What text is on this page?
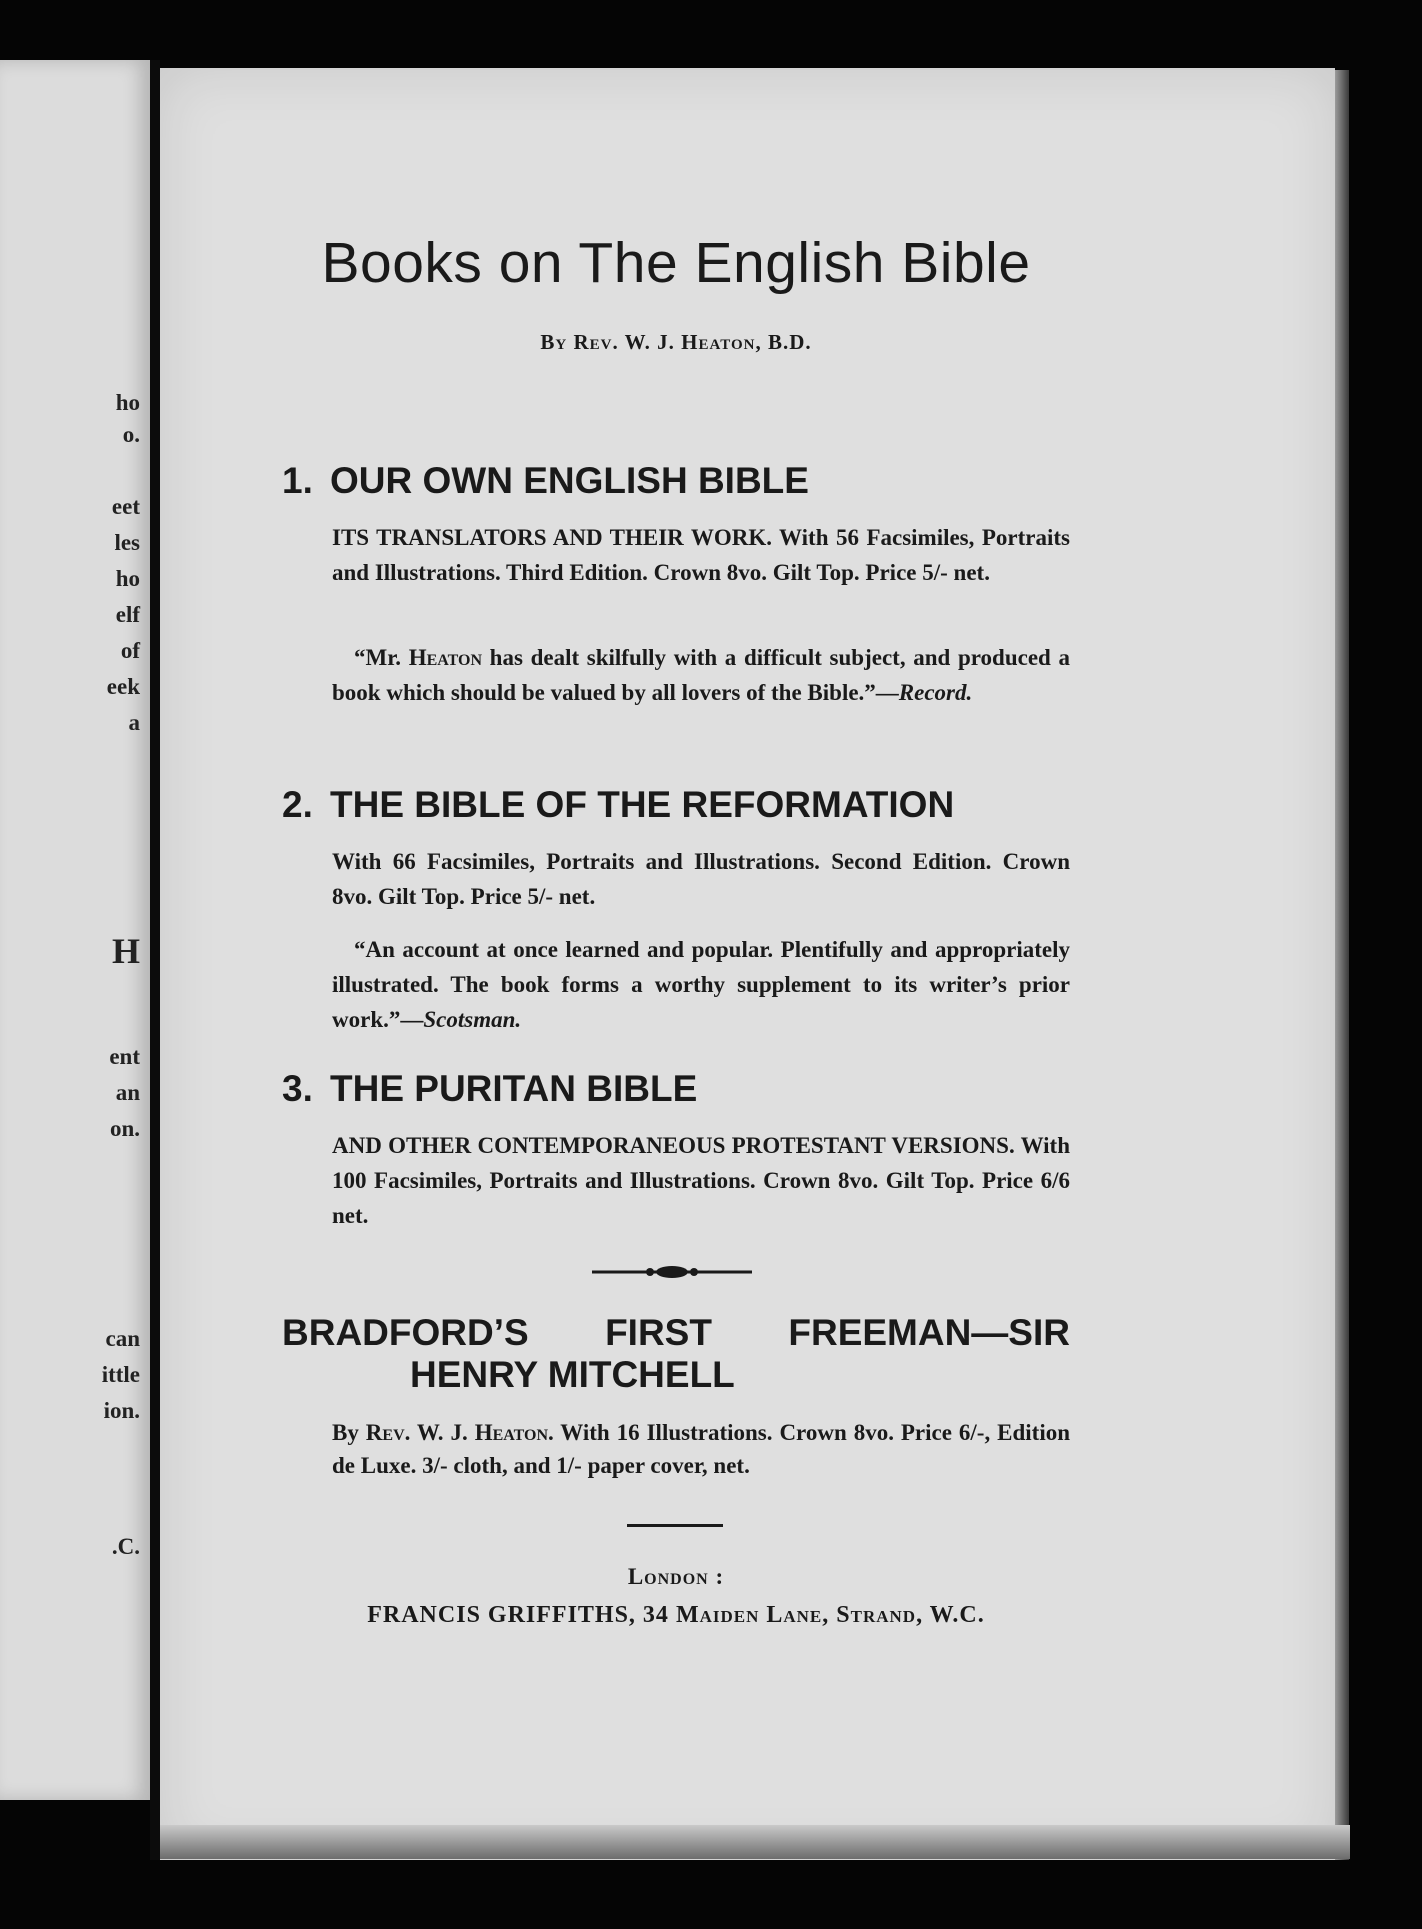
ho
o.
eet
les
ho
elf
of
eek
a
H
ent
an
on.
can
ittle
ion.
.C.
Books on The English Bible
By Rev. W. J. Heaton, B.D.
1. OUR OWN ENGLISH BIBLE
ITS TRANSLATORS AND THEIR WORK. With 56 Facsimiles, Portraits and Illustrations. Third Edition. Crown 8vo. Gilt Top. Price 5/- net.
“Mr. Heaton has dealt skilfully with a difficult subject, and produced a book which should be valued by all lovers of the Bible.”—Record.
2. THE BIBLE OF THE REFORMATION
With 66 Facsimiles, Portraits and Illustrations. Second Edition. Crown 8vo. Gilt Top. Price 5/- net.
“An account at once learned and popular. Plentifully and appropriately illustrated. The book forms a worthy supplement to its writer’s prior work.”—Scotsman.
3. THE PURITAN BIBLE
AND OTHER CONTEMPORANEOUS PROTESTANT VERSIONS. With 100 Facsimiles, Portraits and Illustrations. Crown 8vo. Gilt Top. Price 6/6 net.
BRADFORD’S FIRST FREEMAN—SIR
HENRY MITCHELL
By Rev. W. J. Heaton. With 16 Illustrations. Crown 8vo. Price 6/-, Edition de Luxe. 3/- cloth, and 1/- paper cover, net.
London :
FRANCIS GRIFFITHS, 34 Maiden Lane, Strand, W.C.
